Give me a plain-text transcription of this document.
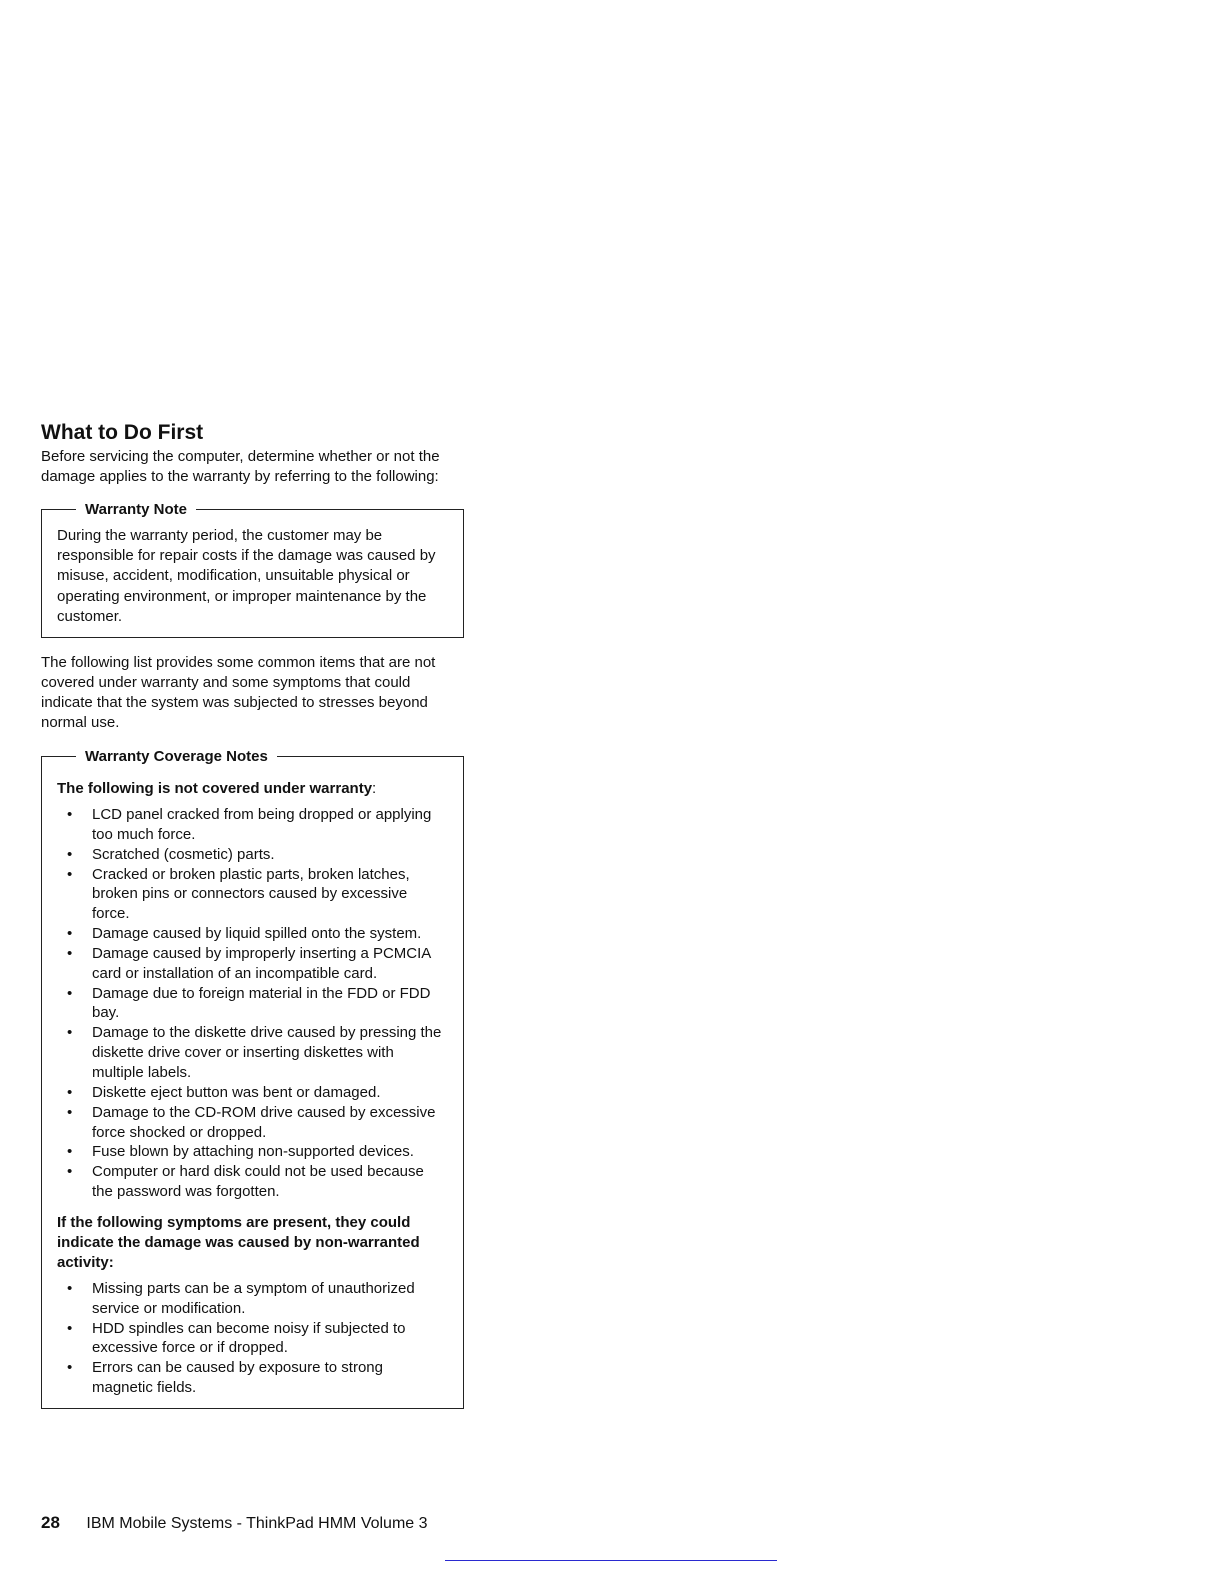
What to Do First

Before servicing the computer, determine whether or not the damage applies to the warranty by referring to the following:

Warranty Note

During the warranty period, the customer may be responsible for repair costs if the damage was caused by misuse, accident, modification, unsuitable physical or operating environment, or improper maintenance by the customer.

The following list provides some common items that are not covered under warranty and some symptoms that could indicate that the system was subjected to stresses beyond normal use.

Warranty Coverage Notes

The following is not covered under warranty:

• LCD panel cracked from being dropped or applying too much force.
• Scratched (cosmetic) parts.
• Cracked or broken plastic parts, broken latches, broken pins or connectors caused by excessive force.
• Damage caused by liquid spilled onto the system.
• Damage caused by improperly inserting a PCMCIA card or installation of an incompatible card.
• Damage due to foreign material in the FDD or FDD bay.
• Damage to the diskette drive caused by pressing the diskette drive cover or inserting diskettes with multiple labels.
• Diskette eject button was bent or damaged.
• Damage to the CD-ROM drive caused by excessive force shocked or dropped.
• Fuse blown by attaching non-supported devices.
• Computer or hard disk could not be used because the password was forgotten.

If the following symptoms are present, they could indicate the damage was caused by non-warranted activity:

• Missing parts can be a symptom of unauthorized service or modification.
• HDD spindles can become noisy if subjected to excessive force or if dropped.
• Errors can be caused by exposure to strong magnetic fields.
28 IBM Mobile Systems - ThinkPad HMM Volume 3
